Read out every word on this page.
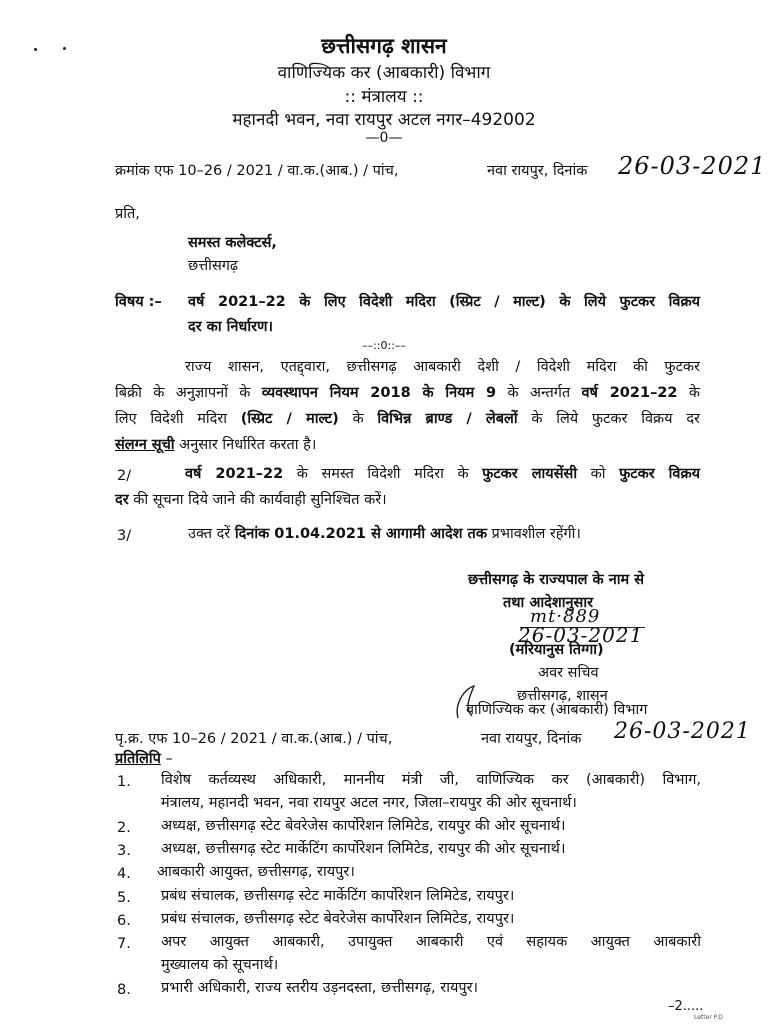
छत्तीसगढ़ शासन
वाणिज्यिक कर (आबकारी) विभाग
:: मंत्रालय ::
महानदी भवन, नवा रायपुर अटल नगर–492002
—0—
क्रमांक एफ 10–26 / 2021 / वा.क.(आब.) / पांच,	नवा रायपुर, दिनांक 26-03-2021
प्रति,
समस्त कलेक्टर्स,
छत्तीसगढ़
विषय :– वर्ष 2021–22 के लिए विदेशी मदिरा (स्प्रिट / माल्ट) के लिये फुटकर विक्रय
दर का निर्धारण।
––::0::––
राज्य शासन, एतद्द्वारा, छत्तीसगढ़ आबकारी देशी / विदेशी मदिरा की फुटकर
बिक्री के अनुज्ञापनों के व्यवस्थापन नियम 2018 के नियम 9 के अन्तर्गत वर्ष 2021–22 के
लिए विदेशी मदिरा (स्प्रिट / माल्ट) के विभिन्न ब्राण्ड / लेबलों के लिये फुटकर विक्रय दर
संलग्न सूची अनुसार निर्धारित करता है।
2/	वर्ष 2021–22 के समस्त विदेशी मदिरा के फुटकर लायसेंसी को फुटकर विक्रय
दर की सूचना दिये जाने की कार्यवाही सुनिश्चित करें।
3/	उक्त दरें दिनांक 01.04.2021 से आगामी आदेश तक प्रभावशील रहेंगी।
छत्तीसगढ़ के राज्यपाल के नाम से
तथा आदेशानुसार
mt·889
26-03-2021
(मरियानुस तिग्गा)
अवर सचिव
छत्तीसगढ़, शासन
वाणिज्यिक कर (आबकारी) विभाग
पृ.क्र. एफ 10–26 / 2021 / वा.क.(आब.) / पांच,	नवा रायपुर, दिनांक 26-03-2021
प्रतिलिपि –
1. विशेष कर्तव्यस्थ अधिकारी, माननीय मंत्री जी, वाणिज्यिक कर (आबकारी) विभाग,
मंत्रालय, महानदी भवन, नवा रायपुर अटल नगर, जिला–रायपुर की ओर सूचनार्थ।
2. अध्यक्ष, छत्तीसगढ़ स्टेट बेवरेजेस कार्पोरेशन लिमिटेड, रायपुर की ओर सूचनार्थ।
3. अध्यक्ष, छत्तीसगढ़ स्टेट मार्केटिंग कार्पोरेशन लिमिटेड, रायपुर की ओर सूचनार्थ।
4. आबकारी आयुक्त, छत्तीसगढ़, रायपुर।
5. प्रबंध संचालक, छत्तीसगढ़ स्टेट मार्केटिंग कार्पोरेशन लिमिटेड, रायपुर।
6. प्रबंध संचालक, छत्तीसगढ़ स्टेट बेवरेजेस कार्पोरेशन लिमिटेड, रायपुर।
7. अपर आयुक्त आबकारी, उपायुक्त आबकारी एवं सहायक आयुक्त आबकारी
मुख्यालय को सूचनार्थ।
8. प्रभारी अधिकारी, राज्य स्तरीय उड़नदस्ता, छत्तीसगढ़, रायपुर।
–2.....
Letter P.D
